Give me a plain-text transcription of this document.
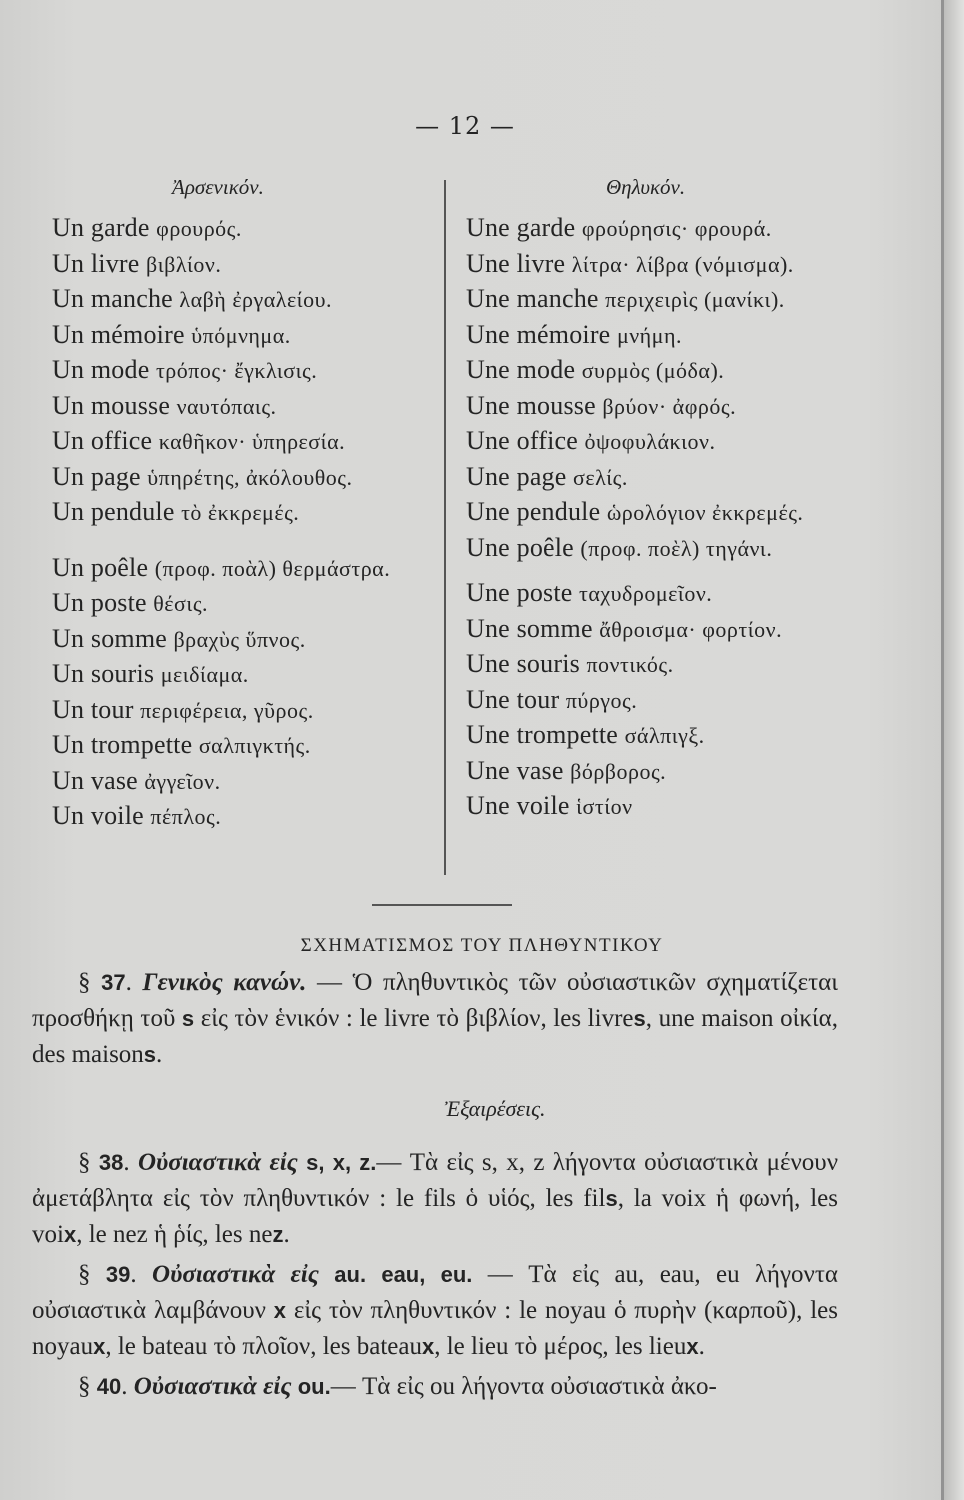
— 12 —
Ἀρσενικόν.
Un garde φρουρός.
Un livre βιβλίον.
Un manche λαβὴ ἐργαλείου.
Un mémoire ὑπόμνημα.
Un mode τρόπος· ἔγκλισις.
Un mousse ναυτόπαις.
Un office καθῆκον· ὑπηρεσία.
Un page ὑπηρέτης, ἀκόλουθος.
Un pendule τὸ ἐκκρεμές.
Un poêle (προφ. ποὰλ) θερμάστρα.
Un poste θέσις.
Un somme βραχὺς ὕπνος.
Un souris μειδίαμα.
Un tour περιφέρεια, γῦρος.
Un trompette σαλπιγκτής.
Un vase ἀγγεῖον.
Un voile πέπλος.
Θηλυκόν.
Une garde φρούρησις· φρουρά.
Une livre λίτρα· λίβρα (νόμισμα).
Une manche περιχειρὶς (μανίκι).
Une mémoire μνήμη.
Une mode συρμὸς (μόδα).
Une mousse βρύον· ἀφρός.
Une office ὀψοφυλάκιον.
Une page σελίς.
Une pendule ὡρολόγιον ἐκκρεμές.
Une poêle (προφ. ποὲλ) τηγάνι.
Une poste ταχυδρομεῖον.
Une somme ἄθροισμα· φορτίον.
Une souris ποντικός.
Une tour πύργος.
Une trompette σάλπιγξ.
Une vase βόρβορος.
Une voile ἱστίον
ΣΧΗΜΑΤΙΣΜΟΣ ΤΟΥ ΠΛΗΘΥΝΤΙΚΟΥ

§ 37. Γενικὸς κανών. — Ὁ πληθυντικὸς τῶν οὐσιαστικῶν σχηματίζεται προσθήκῃ τοῦ s εἰς τὸν ἑνικόν : le livre τὸ βιβλίον, les livres, une maison οἰκία, des maisons.

Ἐξαιρέσεις.

§ 38. Οὐσιαστικὰ εἰς s, x, z.— Τὰ εἰς s, x, z λήγοντα οὐσιαστικὰ μένουν ἀμετάβλητα εἰς τὸν πληθυντικόν : le fils ὁ υἱός, les fils, la voix ἡ φωνή, les voix, le nez ἡ ῥίς, les nez.

§ 39. Οὐσιαστικὰ εἰς au. eau, eu. — Τὰ εἰς au, eau, eu λήγοντα οὐσιαστικὰ λαμβάνουν x εἰς τὸν πληθυντικόν : le noyau ὁ πυρὴν (καρποῦ), les noyaux, le bateau τὸ πλοῖον, les bateaux, le lieu τὸ μέρος, les lieux.

§ 40. Οὐσιαστικὰ εἰς ou.— Τὰ εἰς ou λήγοντα οὐσιαστικὰ ἀκο-
